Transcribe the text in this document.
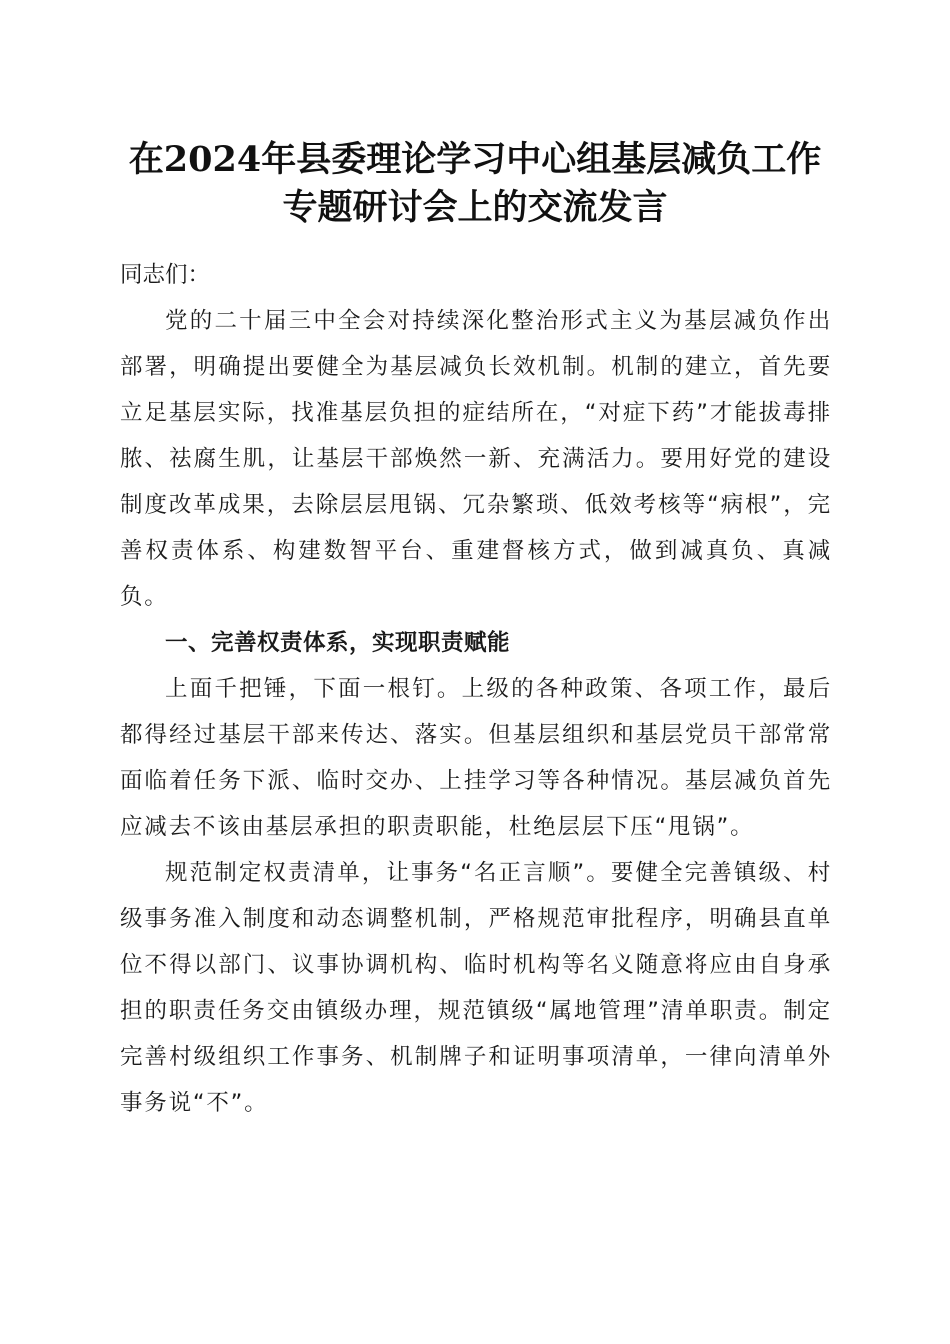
在2024年县委理论学习中心组基层减负工作
专题研讨会上的交流发言

同志们：

党的二十届三中全会对持续深化整治形式主义为基层减负作出部署，明确提出要健全为基层减负长效机制。机制的建立，首先要立足基层实际，找准基层负担的症结所在，“对症下药”才能拔毒排脓、祛腐生肌，让基层干部焕然一新、充满活力。要用好党的建设制度改革成果，去除层层甩锅、冗杂繁琐、低效考核等“病根”，完善权责体系、构建数智平台、重建督核方式，做到减真负、真减负。

一、完善权责体系，实现职责赋能

上面千把锤，下面一根钉。上级的各种政策、各项工作，最后都得经过基层干部来传达、落实。但基层组织和基层党员干部常常面临着任务下派、临时交办、上挂学习等各种情况。基层减负首先应减去不该由基层承担的职责职能，杜绝层层下压“甩锅”。

规范制定权责清单，让事务“名正言顺”。要健全完善镇级、村级事务准入制度和动态调整机制，严格规范审批程序，明确县直单位不得以部门、议事协调机构、临时机构等名义随意将应由自身承担的职责任务交由镇级办理，规范镇级“属地管理”清单职责。制定完善村级组织工作事务、机制牌子和证明事项清单，一律向清单外事务说“不”。
